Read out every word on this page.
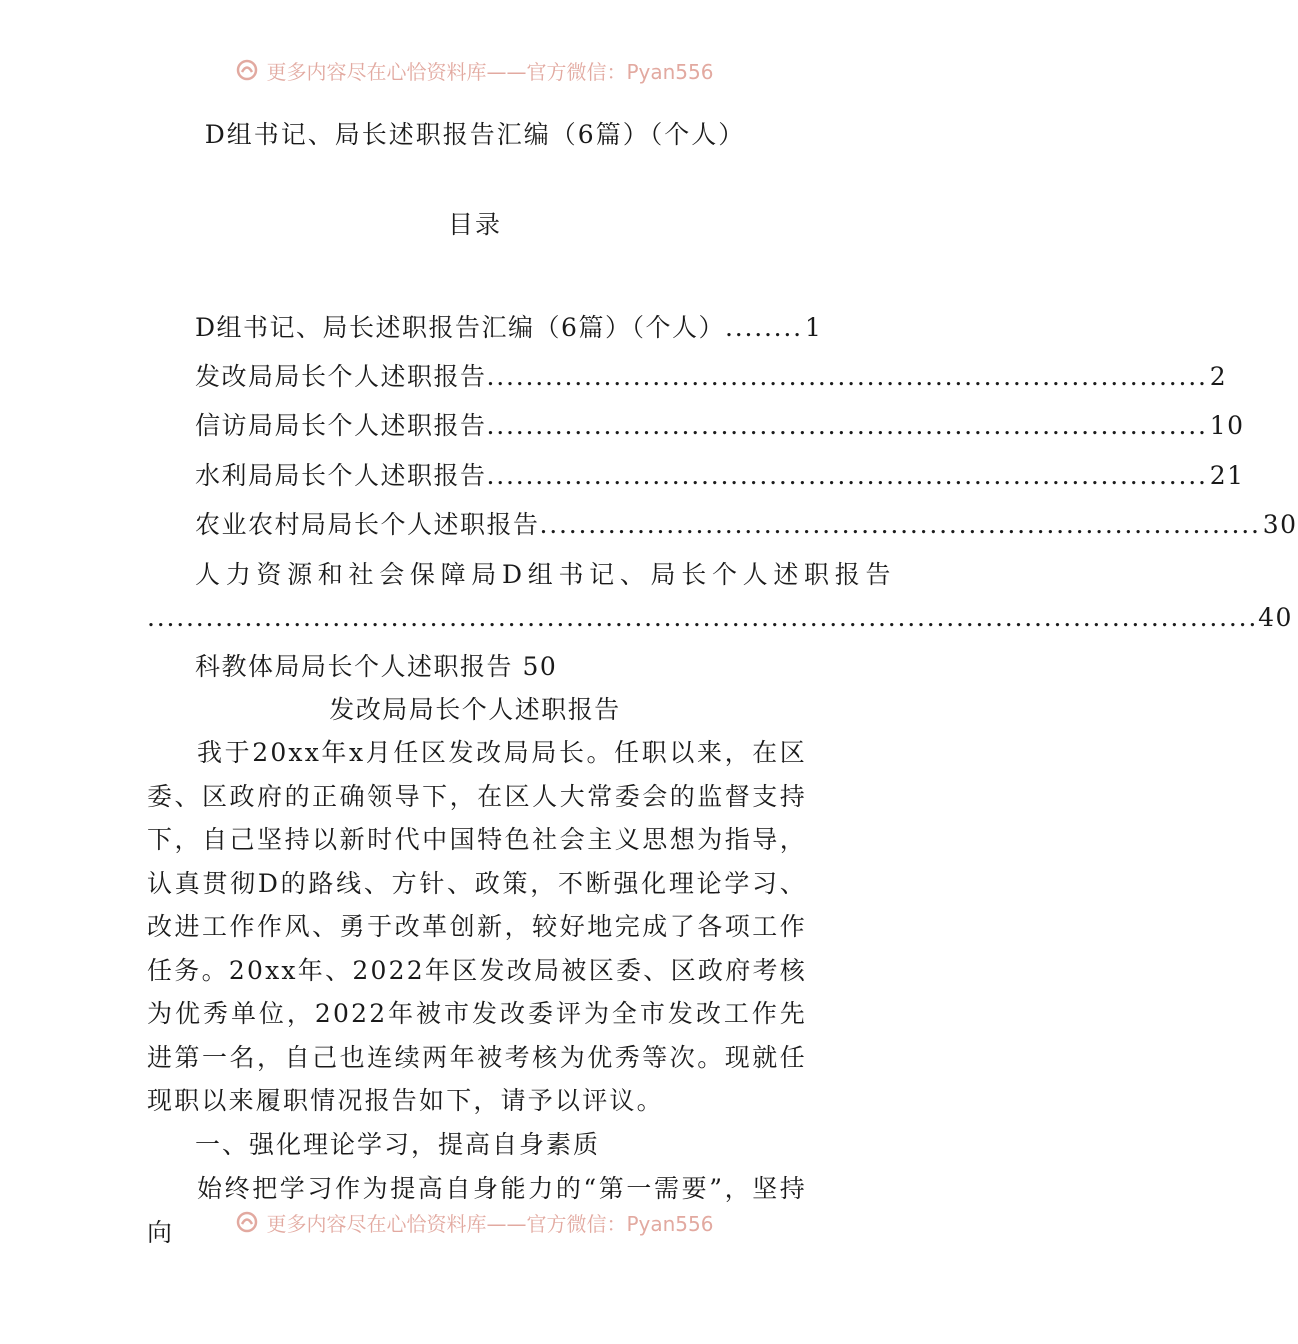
更多内容尽在心恰资料库——官方微信：Pyan556
D组书记、局长述职报告汇编（6篇）（个人）
目录
D组书记、局长述职报告汇编（6篇）（个人） ........ 1
发改局局长个人述职报告 .......................................................................... 2
信访局局长个人述职报告 .......................................................................... 10
水利局局长个人述职报告 .......................................................................... 21
农业农村局局长个人述职报告 .......................................................................... 30
人力资源和社会保障局D组书记、局长个人述职报告
.................................................................................................................. 40
科教体局局长个人述职报告 50
发改局局长个人述职报告

我于20xx年x月任区发改局局长。任职以来，在区委、区政府的正确领导下，在区人大常委会的监督支持下，自己坚持以新时代中国特色社会主义思想为指导，认真贯彻D的路线、方针、政策，不断强化理论学习、改进工作作风、勇于改革创新，较好地完成了各项工作任务。20xx年、2022年区发改局被区委、区政府考核为优秀单位，2022年被市发改委评为全市发改工作先进第一名，自己也连续两年被考核为优秀等次。现就任现职以来履职情况报告如下，请予以评议。

一、强化理论学习，提高自身素质

始终把学习作为提高自身能力的“第一需要”，坚持向	更多内容尽在心恰资料库——官方微信：Pyan556
